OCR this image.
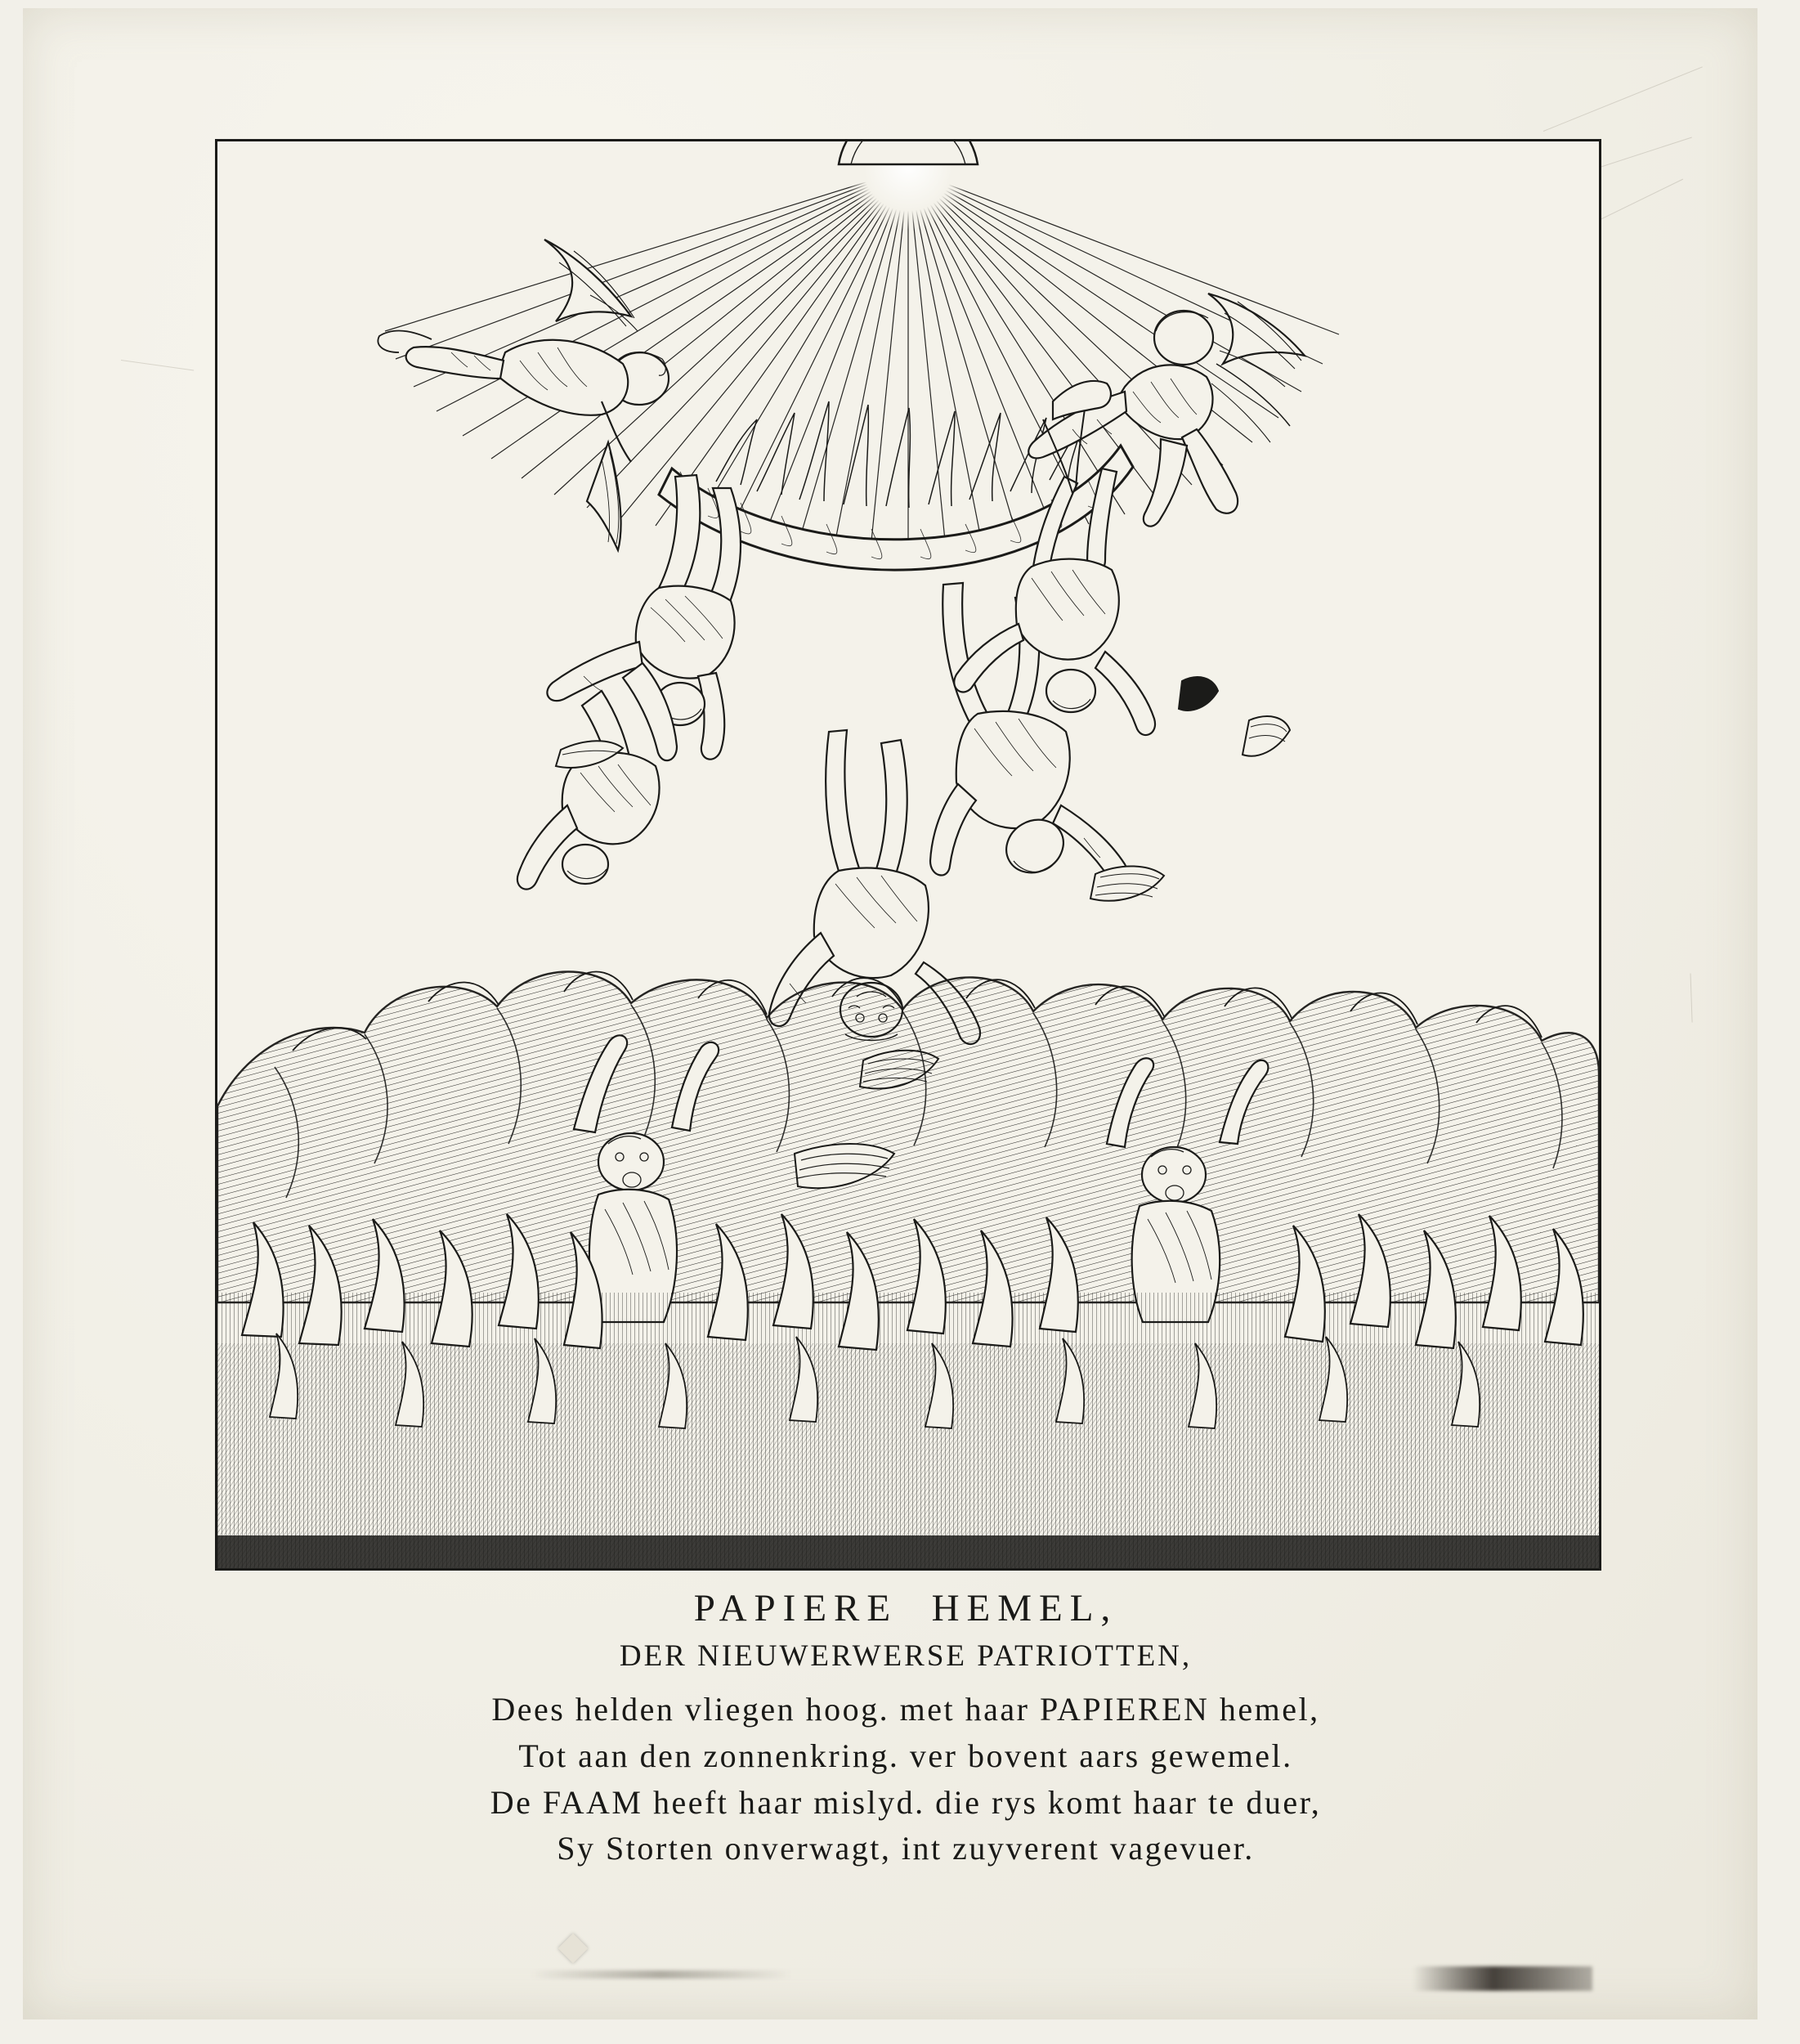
PAPIERE  HEMEL,
DER NIEUWERWERSE PATRIOTTEN,
Dees helden vliegen hoog. met haar PAPIEREN hemel,
Tot aan den zonnenkring. ver bovent aars gewemel.
De FAAM heeft haar mislyd. die rys komt haar te duer,
Sy Storten onverwagt, int zuyverent vagevuer.
